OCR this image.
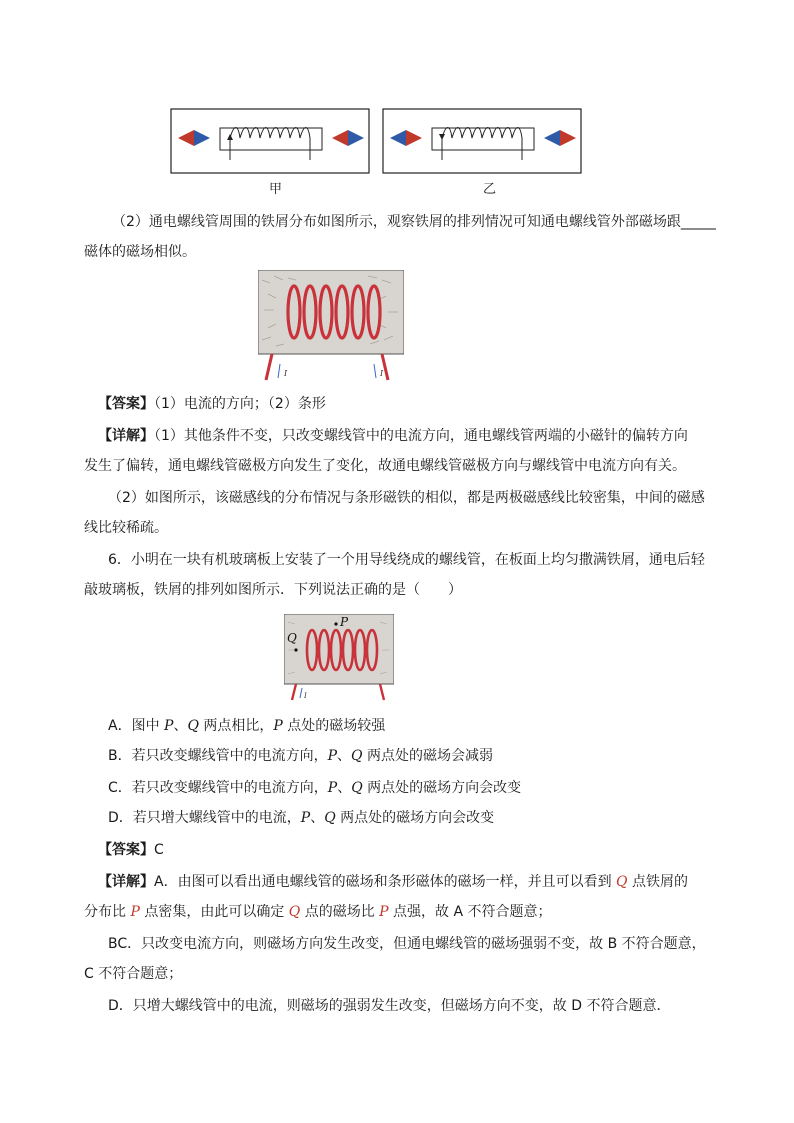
甲	乙
（2）通电螺线管周围的铁屑分布如图所示，观察铁屑的排列情况可知通电螺线管外部磁场跟_____
磁体的磁场相似。
I	I
【答案】（1）电流的方向；（2）条形
【详解】（1）其他条件不变，只改变螺线管中的电流方向，通电螺线管两端的小磁针的偏转方向
发生了偏转，通电螺线管磁极方向发生了变化，故通电螺线管磁极方向与螺线管中电流方向有关。
（2）如图所示，该磁感线的分布情况与条形磁铁的相似，都是两极磁感线比较密集，中间的磁感
线比较稀疏。
6．小明在一块有机玻璃板上安装了一个用导线绕成的螺线管，在板面上均匀撒满铁屑，通电后轻
敲玻璃板，铁屑的排列如图所示．下列说法正确的是（　　）
P
Q
I
A．图中 P、Q 两点相比，P 点处的磁场较强
B．若只改变螺线管中的电流方向，P、Q 两点处的磁场会减弱
C．若只改变螺线管中的电流方向，P、Q 两点处的磁场方向会改变
D．若只增大螺线管中的电流，P、Q 两点处的磁场方向会改变
【答案】C
【详解】A．由图可以看出通电螺线管的磁场和条形磁体的磁场一样，并且可以看到 Q 点铁屑的
分布比 P 点密集，由此可以确定 Q 点的磁场比 P 点强，故 A 不符合题意；
BC．只改变电流方向，则磁场方向发生改变，但通电螺线管的磁场强弱不变，故 B 不符合题意，
C 不符合题意；
D．只增大螺线管中的电流，则磁场的强弱发生改变，但磁场方向不变，故 D 不符合题意．
